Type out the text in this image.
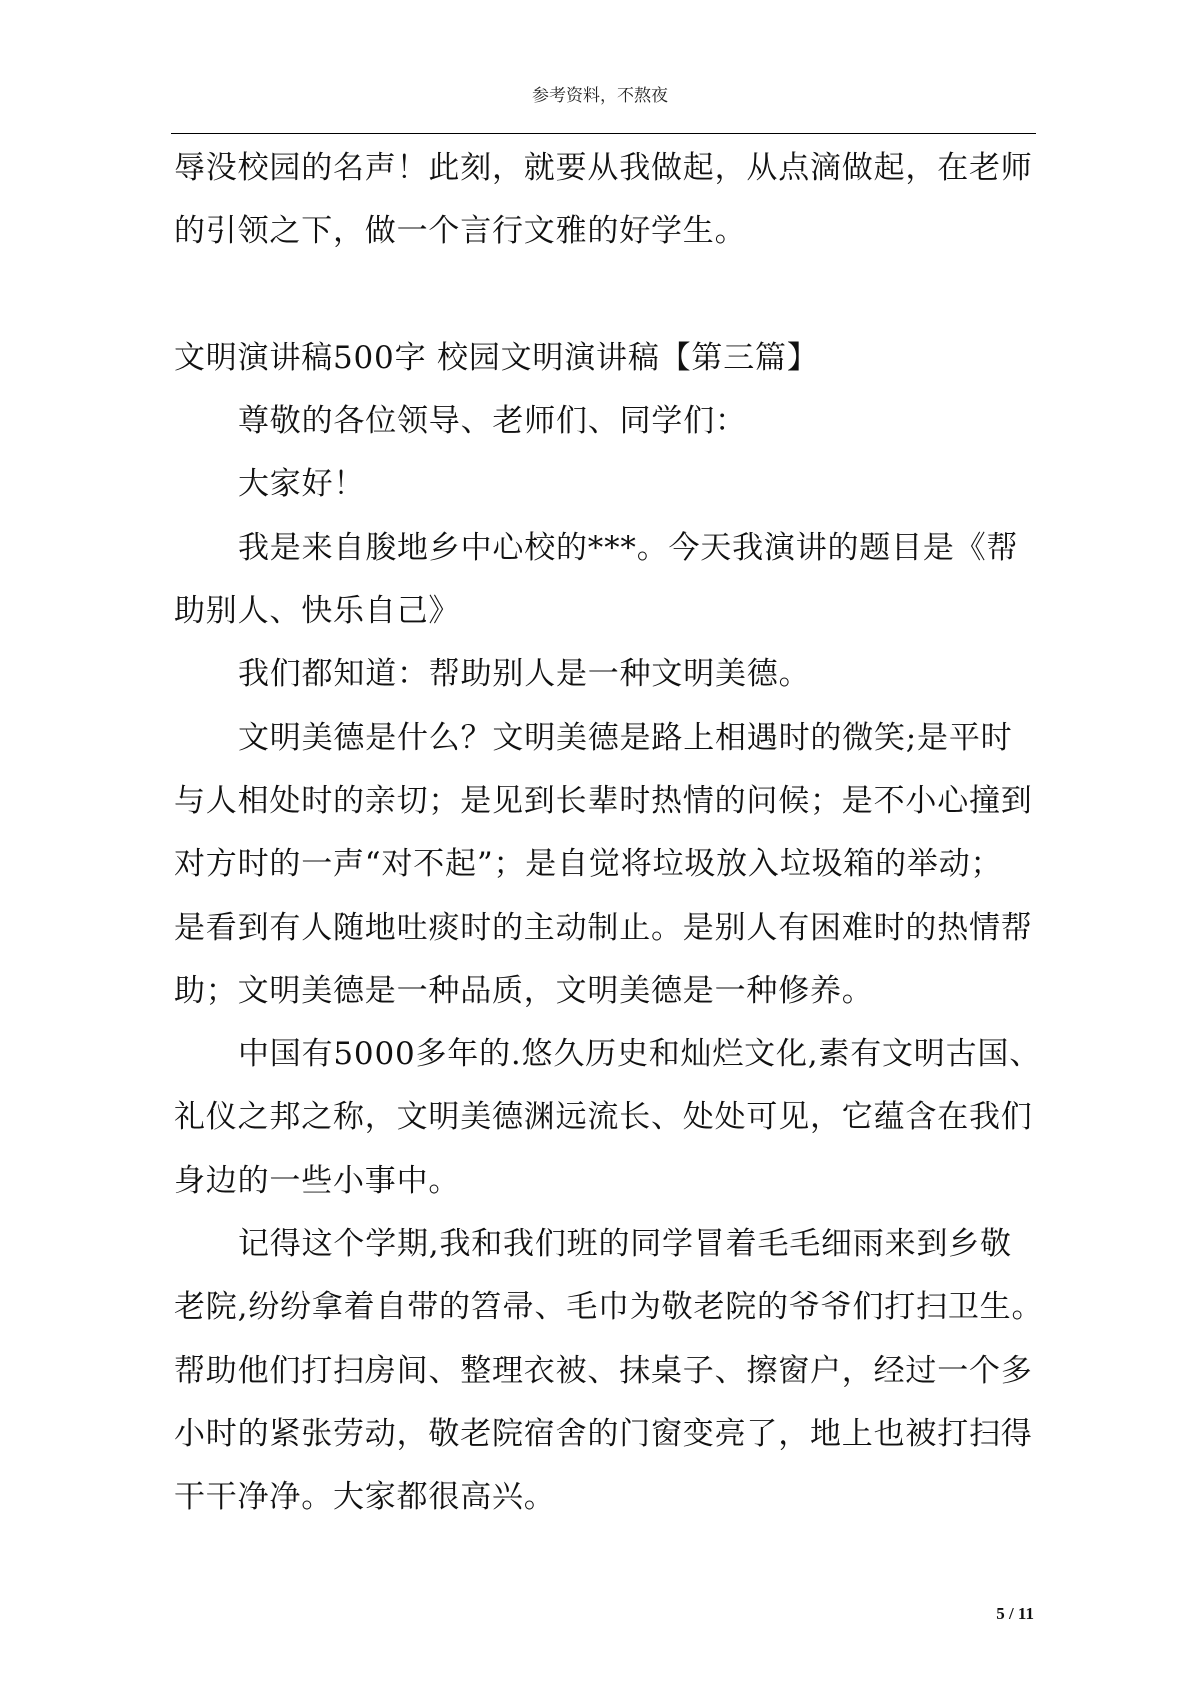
参考资料，不熬夜
辱没校园的名声！此刻，就要从我做起，从点滴做起，在老师
的引领之下，做一个言行文雅的好学生。
文明演讲稿500字 校园文明演讲稿【第三篇】
尊敬的各位领导、老师们、同学们：
大家好！
我是来自朘地乡中心校的***。今天我演讲的题目是《帮
助别人、快乐自己》
我们都知道：帮助别人是一种文明美德。
文明美德是什么？文明美德是路上相遇时的微笑;是平时
与人相处时的亲切；是见到长辈时热情的问候；是不小心撞到
对方时的一声“对不起”；是自觉将垃圾放入垃圾箱的举动；
是看到有人随地吐痰时的主动制止。是别人有困难时的热情帮
助；文明美德是一种品质，文明美德是一种修养。
中国有5000多年的.悠久历史和灿烂文化,素有文明古国、
礼仪之邦之称，文明美德渊远流长、处处可见，它蕴含在我们
身边的一些小事中。
记得这个学期,我和我们班的同学冒着毛毛细雨来到乡敬
老院,纷纷拿着自带的笤帚、毛巾为敬老院的爷爷们打扫卫生。
帮助他们打扫房间、整理衣被、抹桌子、擦窗户，经过一个多
小时的紧张劳动，敬老院宿舍的门窗变亮了，地上也被打扫得
干干净净。大家都很高兴。
5 / 11
